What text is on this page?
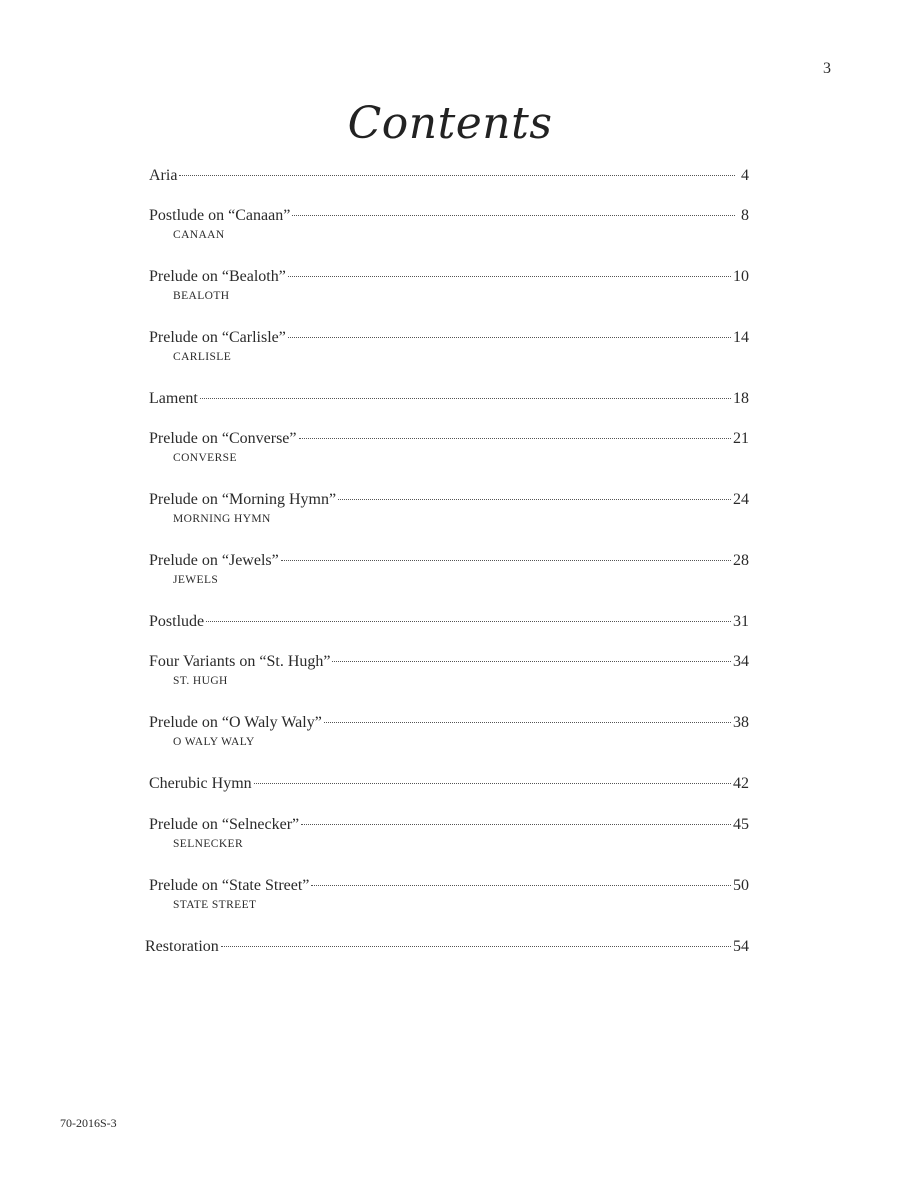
3
Contents
Aria	4
Postlude on “Canaan”	8
CANAAN
Prelude on “Bealoth”	10
BEALOTH
Prelude on “Carlisle”	14
CARLISLE
Lament	18
Prelude on “Converse”	21
CONVERSE
Prelude on “Morning Hymn”	24
MORNING HYMN
Prelude on “Jewels”	28
JEWELS
Postlude	31
Four Variants on “St. Hugh”	34
ST. HUGH
Prelude on “O Waly Waly”	38
O WALY WALY
Cherubic Hymn	42
Prelude on “Selnecker”	45
SELNECKER
Prelude on “State Street”	50
STATE STREET
Restoration	54
70-2016S-3
